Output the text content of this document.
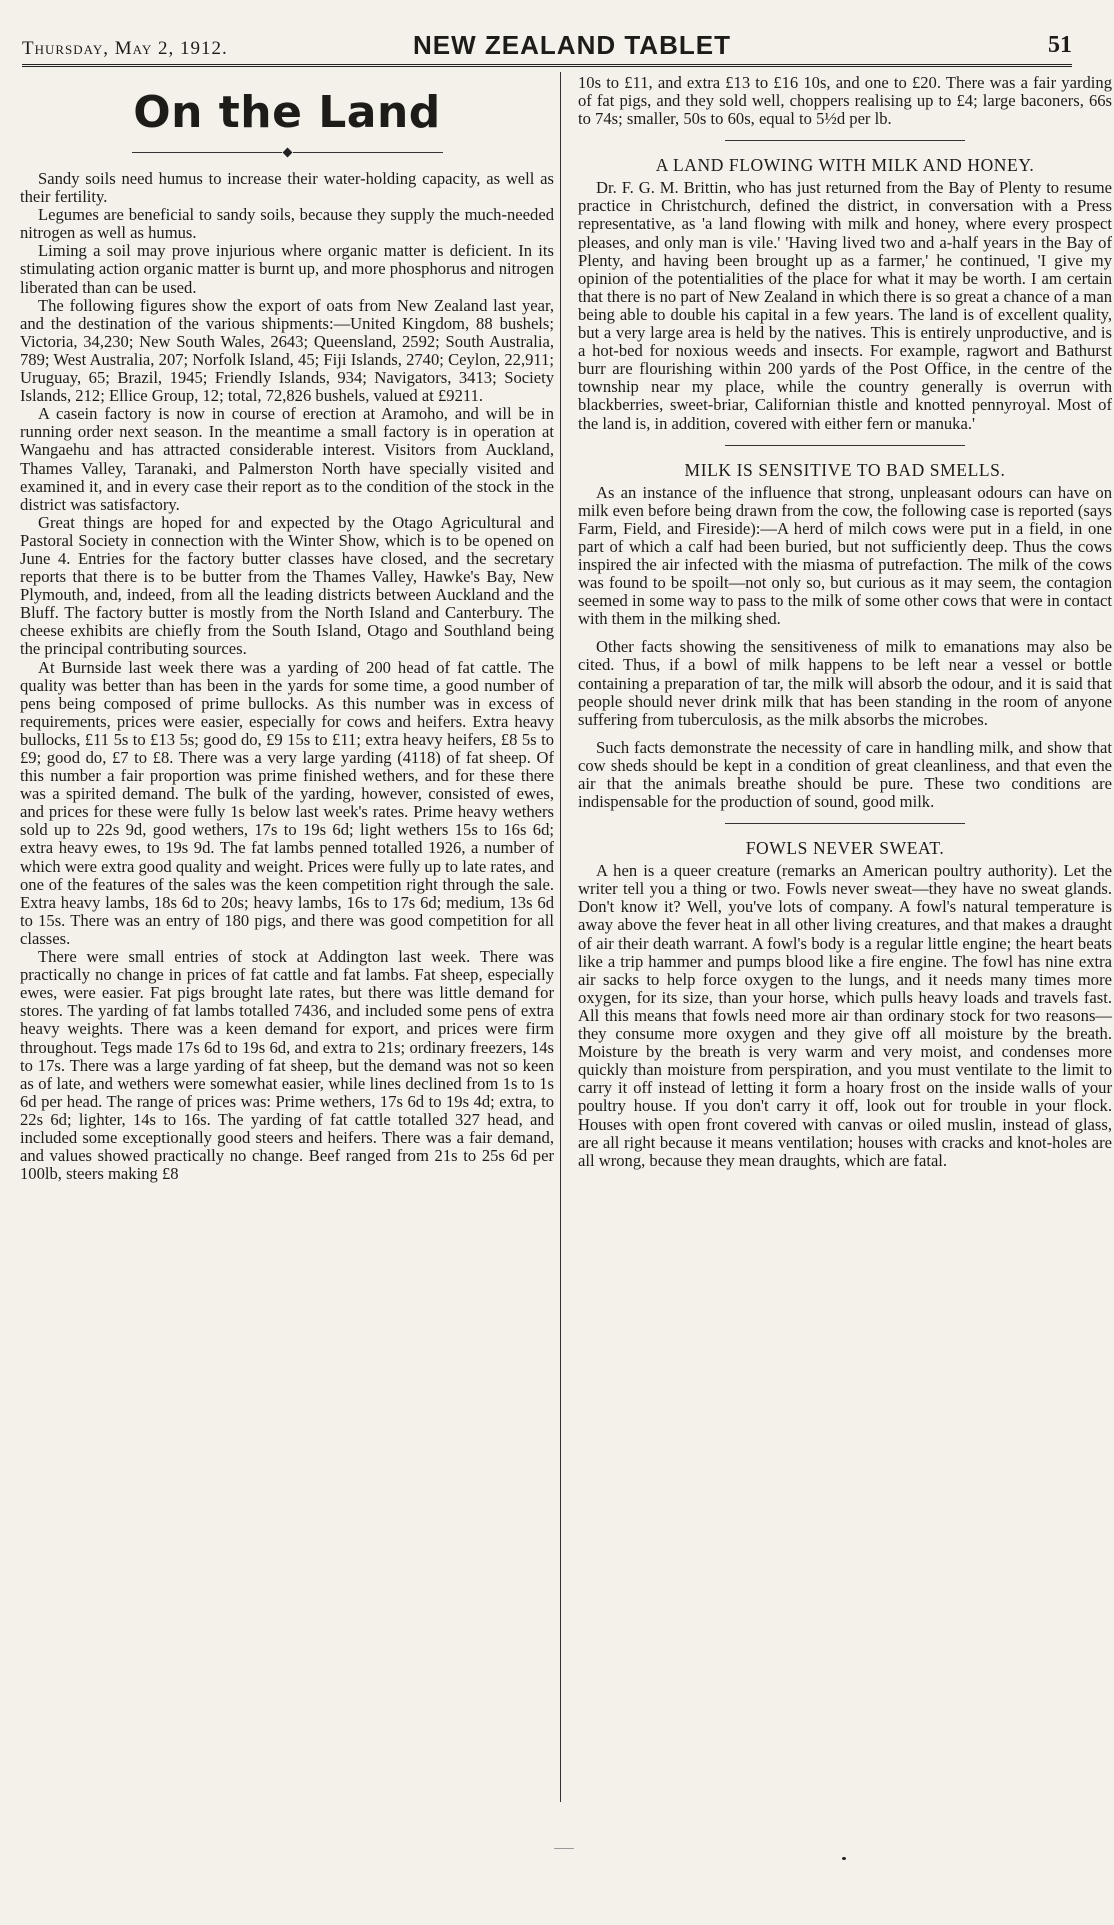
Thursday, May 2, 1912.	NEW ZEALAND TABLET	51
On the Land

Sandy soils need humus to increase their water-holding capacity, as well as their fertility.

Legumes are beneficial to sandy soils, because they supply the much-needed nitrogen as well as humus.

Liming a soil may prove injurious where organic matter is deficient. In its stimulating action organic matter is burnt up, and more phosphorus and nitrogen liberated than can be used.

The following figures show the export of oats from New Zealand last year, and the destination of the various shipments:—United Kingdom, 88 bushels; Victoria, 34,230; New South Wales, 2643; Queensland, 2592; South Australia, 789; West Australia, 207; Norfolk Island, 45; Fiji Islands, 2740; Ceylon, 22,911; Uruguay, 65; Brazil, 1945; Friendly Islands, 934; Navigators, 3413; Society Islands, 212; Ellice Group, 12; total, 72,826 bushels, valued at £9211.

A casein factory is now in course of erection at Aramoho, and will be in running order next season. In the meantime a small factory is in operation at Wangaehu and has attracted considerable interest. Visitors from Auckland, Thames Valley, Taranaki, and Palmerston North have specially visited and examined it, and in every case their report as to the condition of the stock in the district was satisfactory.

Great things are hoped for and expected by the Otago Agricultural and Pastoral Society in connection with the Winter Show, which is to be opened on June 4. Entries for the factory butter classes have closed, and the secretary reports that there is to be butter from the Thames Valley, Hawke's Bay, New Plymouth, and, indeed, from all the leading districts between Auckland and the Bluff. The factory butter is mostly from the North Island and Canterbury. The cheese exhibits are chiefly from the South Island, Otago and Southland being the principal contributing sources.

At Burnside last week there was a yarding of 200 head of fat cattle. The quality was better than has been in the yards for some time, a good number of pens being composed of prime bullocks. As this number was in excess of requirements, prices were easier, especially for cows and heifers. Extra heavy bullocks, £11 5s to £13 5s; good do, £9 15s to £11; extra heavy heifers, £8 5s to £9; good do, £7 to £8. There was a very large yarding (4118) of fat sheep. Of this number a fair proportion was prime finished wethers, and for these there was a spirited demand. The bulk of the yarding, however, consisted of ewes, and prices for these were fully 1s below last week's rates. Prime heavy wethers sold up to 22s 9d, good wethers, 17s to 19s 6d; light wethers 15s to 16s 6d; extra heavy ewes, to 19s 9d. The fat lambs penned totalled 1926, a number of which were extra good quality and weight. Prices were fully up to late rates, and one of the features of the sales was the keen competition right through the sale. Extra heavy lambs, 18s 6d to 20s; heavy lambs, 16s to 17s 6d; medium, 13s 6d to 15s. There was an entry of 180 pigs, and there was good competition for all classes.

There were small entries of stock at Addington last week. There was practically no change in prices of fat cattle and fat lambs. Fat sheep, especially ewes, were easier. Fat pigs brought late rates, but there was little demand for stores. The yarding of fat lambs totalled 7436, and included some pens of extra heavy weights. There was a keen demand for export, and prices were firm throughout. Tegs made 17s 6d to 19s 6d, and extra to 21s; ordinary freezers, 14s to 17s. There was a large yarding of fat sheep, but the demand was not so keen as of late, and wethers were somewhat easier, while lines declined from 1s to 1s 6d per head. The range of prices was: Prime wethers, 17s 6d to 19s 4d; extra, to 22s 6d; lighter, 14s to 16s. The yarding of fat cattle totalled 327 head, and included some exceptionally good steers and heifers. There was a fair demand, and values showed practically no change. Beef ranged from 21s to 25s 6d per 100lb, steers making £8

10s to £11, and extra £13 to £16 10s, and one to £20. There was a fair yarding of fat pigs, and they sold well, choppers realising up to £4; large baconers, 66s to 74s; smaller, 50s to 60s, equal to 5½d per lb.

A LAND FLOWING WITH MILK AND HONEY.

Dr. F. G. M. Brittin, who has just returned from the Bay of Plenty to resume practice in Christchurch, defined the district, in conversation with a Press representative, as 'a land flowing with milk and honey, where every prospect pleases, and only man is vile.' 'Having lived two and a-half years in the Bay of Plenty, and having been brought up as a farmer,' he continued, 'I give my opinion of the potentialities of the place for what it may be worth. I am certain that there is no part of New Zealand in which there is so great a chance of a man being able to double his capital in a few years. The land is of excellent quality, but a very large area is held by the natives. This is entirely unproductive, and is a hot-bed for noxious weeds and insects. For example, ragwort and Bathurst burr are flourishing within 200 yards of the Post Office, in the centre of the township near my place, while the country generally is overrun with blackberries, sweet-briar, Californian thistle and knotted pennyroyal. Most of the land is, in addition, covered with either fern or manuka.'

MILK IS SENSITIVE TO BAD SMELLS.

As an instance of the influence that strong, unpleasant odours can have on milk even before being drawn from the cow, the following case is reported (says Farm, Field, and Fireside):—A herd of milch cows were put in a field, in one part of which a calf had been buried, but not sufficiently deep. Thus the cows inspired the air infected with the miasma of putrefaction. The milk of the cows was found to be spoilt—not only so, but curious as it may seem, the contagion seemed in some way to pass to the milk of some other cows that were in contact with them in the milking shed.

Other facts showing the sensitiveness of milk to emanations may also be cited. Thus, if a bowl of milk happens to be left near a vessel or bottle containing a preparation of tar, the milk will absorb the odour, and it is said that people should never drink milk that has been standing in the room of anyone suffering from tuberculosis, as the milk absorbs the microbes.

Such facts demonstrate the necessity of care in handling milk, and show that cow sheds should be kept in a condition of great cleanliness, and that even the air that the animals breathe should be pure. These two conditions are indispensable for the production of sound, good milk.

FOWLS NEVER SWEAT.

A hen is a queer creature (remarks an American poultry authority). Let the writer tell you a thing or two. Fowls never sweat—they have no sweat glands. Don't know it? Well, you've lots of company. A fowl's natural temperature is away above the fever heat in all other living creatures, and that makes a draught of air their death warrant. A fowl's body is a regular little engine; the heart beats like a trip hammer and pumps blood like a fire engine. The fowl has nine extra air sacks to help force oxygen to the lungs, and it needs many times more oxygen, for its size, than your horse, which pulls heavy loads and travels fast. All this means that fowls need more air than ordinary stock for two reasons—they consume more oxygen and they give off all moisture by the breath. Moisture by the breath is very warm and very moist, and condenses more quickly than moisture from perspiration, and you must ventilate to the limit to carry it off instead of letting it form a hoary frost on the inside walls of your poultry house. If you don't carry it off, look out for trouble in your flock. Houses with open front covered with canvas or oiled muslin, instead of glass, are all right because it means ventilation; houses with cracks and knot-holes are all wrong, because they mean draughts, which are fatal.
